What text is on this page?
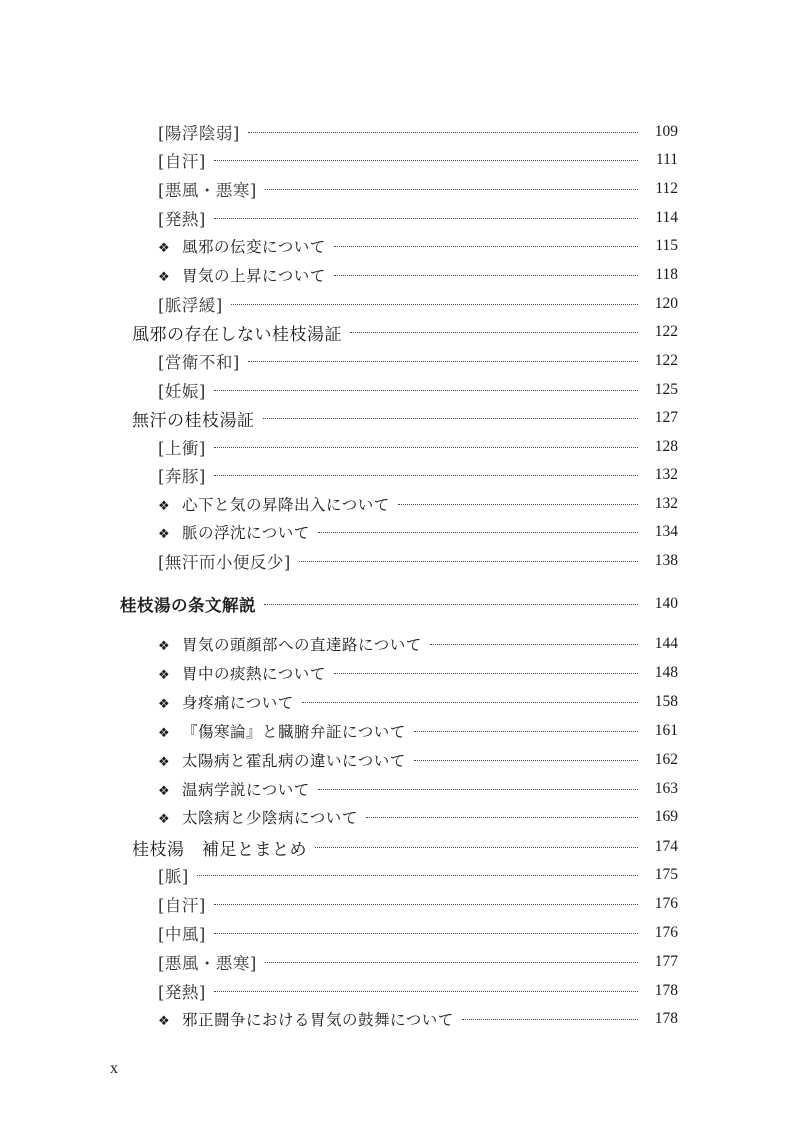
[陽浮陰弱]	109
[自汗]	111
[悪風・悪寒]	112
[発熱]	114
❖ 風邪の伝変について	115
❖ 胃気の上昇について	118
[脈浮緩]	120
風邪の存在しない桂枝湯証	122
[営衛不和]	122
[妊娠]	125
無汗の桂枝湯証	127
[上衝]	128
[奔豚]	132
❖ 心下と気の昇降出入について	132
❖ 脈の浮沈について	134
[無汗而小便反少]	138
桂枝湯の条文解説	140
❖ 胃気の頭顔部への直達路について	144
❖ 胃中の痰熱について	148
❖ 身疼痛について	158
❖ 『傷寒論』と臓腑弁証について	161
❖ 太陽病と霍乱病の違いについて	162
❖ 温病学説について	163
❖ 太陰病と少陰病について	169
桂枝湯　補足とまとめ	174
[脈]	175
[自汗]	176
[中風]	176
[悪風・悪寒]	177
[発熱]	178
❖ 邪正闘争における胃気の鼓舞について	178
x
